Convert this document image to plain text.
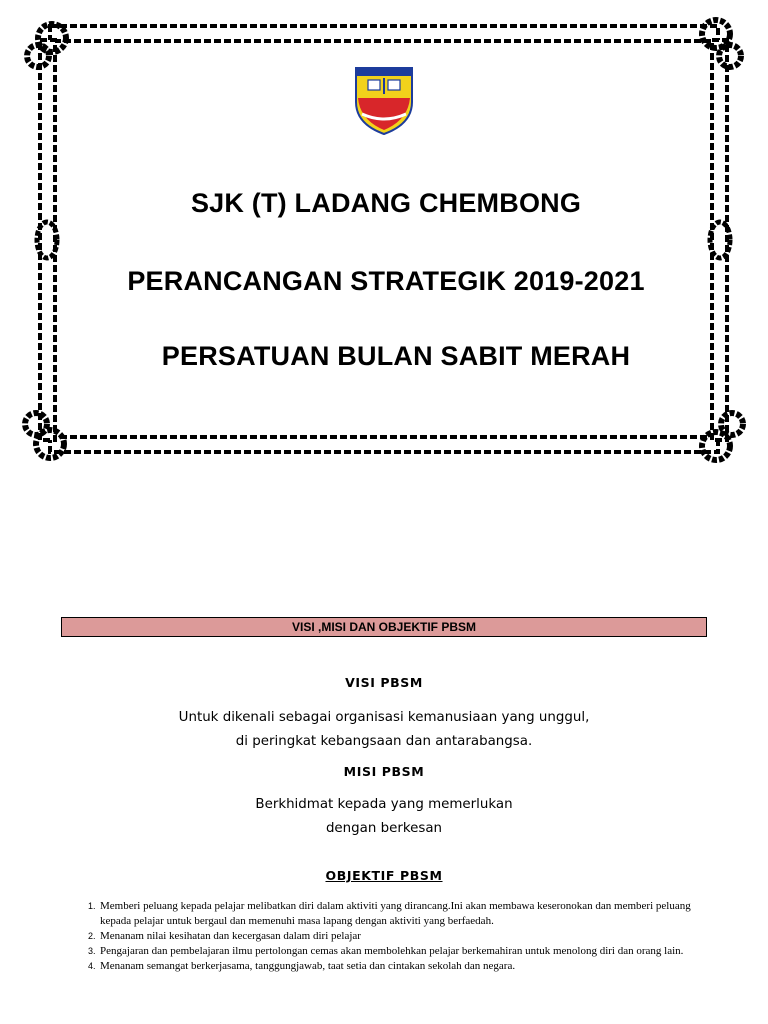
SJK (T) LADANG CHEMBONG
PERANCANGAN STRATEGIK 2019-2021
PERSATUAN BULAN SABIT MERAH
VISI ,MISI DAN OBJEKTIF PBSM
VISI PBSM
Untuk dikenali sebagai organisasi kemanusiaan yang unggul,
di peringkat kebangsaan dan antarabangsa.
MISI PBSM
Berkhidmat kepada yang memerlukan
dengan berkesan
OBJEKTIF PBSM
1. Memberi peluang kepada pelajar melibatkan diri dalam aktiviti yang dirancang.Ini akan membawa keseronokan dan memberi peluang kepada pelajar untuk bergaul dan memenuhi masa lapang dengan aktiviti yang berfaedah.
2. Menanam nilai kesihatan dan kecergasan dalam diri pelajar
3. Pengajaran dan pembelajaran ilmu pertolongan cemas akan membolehkan pelajar berkemahiran untuk menolong diri dan orang lain.
4. Menanam semangat berkerjasama, tanggungjawab, taat setia dan cintakan sekolah dan negara.
